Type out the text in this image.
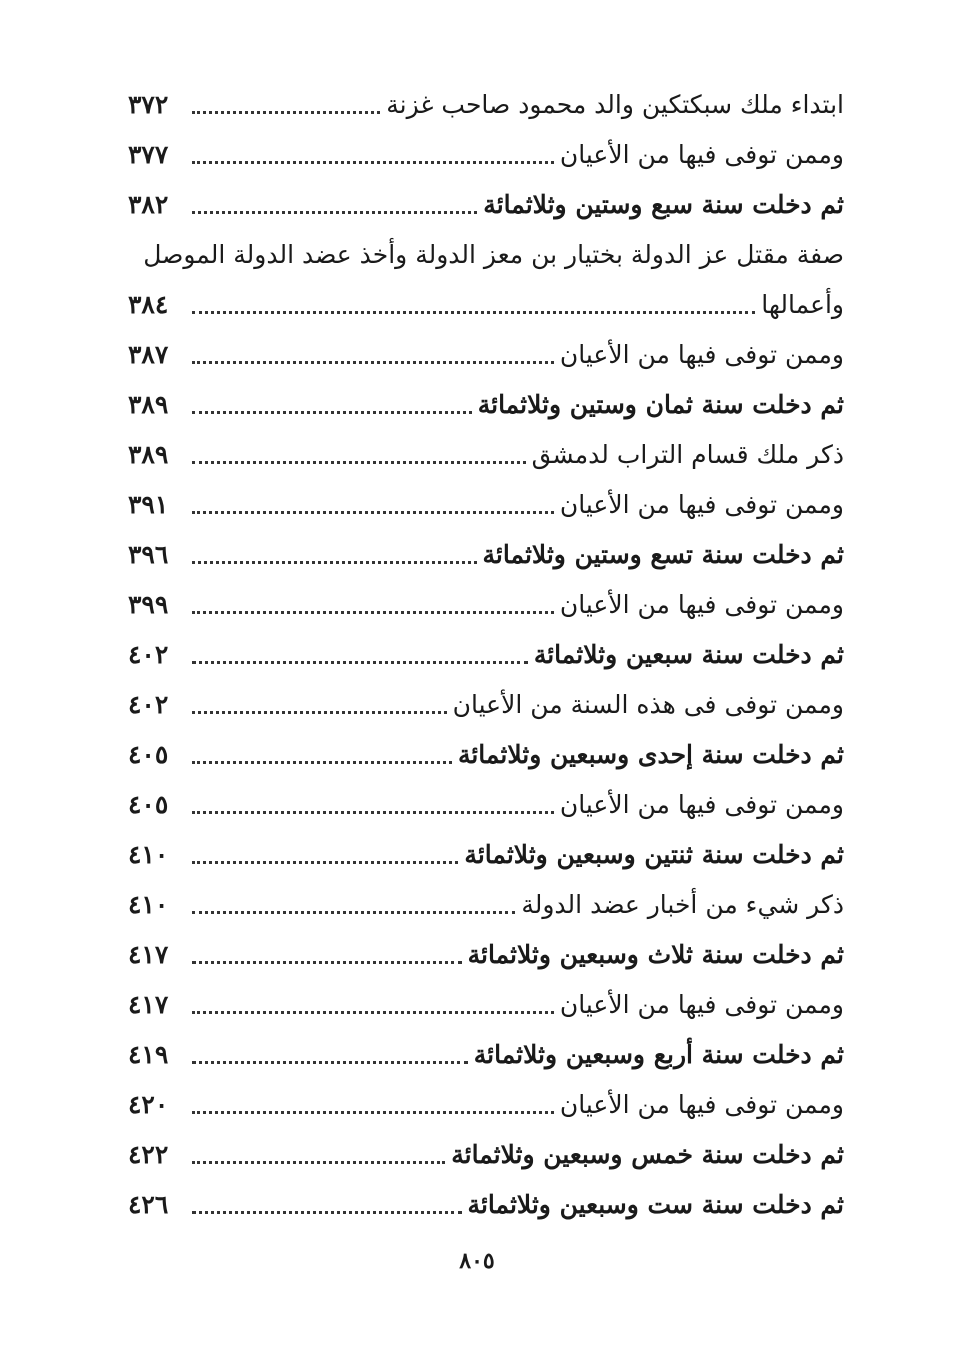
ابتداء ملك سبكتكين والد محمود صاحب غزنة
٣٧٢
وممن توفى فيها من الأعيان
٣٧٧
ثم دخلت سنة سبع وستين وثلاثمائة
٣٨٢
صفة مقتل عز الدولة بختيار بن معز الدولة وأخذ عضد الدولة الموصل
وأعمالها
٣٨٤
وممن توفى فيها من الأعيان
٣٨٧
ثم دخلت سنة ثمان وستين وثلاثمائة
٣٨٩
ذكر ملك قسام التراب لدمشق
٣٨٩
وممن توفى فيها من الأعيان
٣٩١
ثم دخلت سنة تسع وستين وثلاثمائة
٣٩٦
وممن توفى فيها من الأعيان
٣٩٩
ثم دخلت سنة سبعين وثلاثمائة
٤٠٢
وممن توفى فى هذه السنة من الأعيان
٤٠٢
ثم دخلت سنة إحدى وسبعين وثلاثمائة
٤٠٥
وممن توفى فيها من الأعيان
٤٠٥
ثم دخلت سنة ثنتين وسبعين وثلاثمائة
٤١٠
ذكر شيء من أخبار عضد الدولة
٤١٠
ثم دخلت سنة ثلاث وسبعين وثلاثمائة
٤١٧
وممن توفى فيها من الأعيان
٤١٧
ثم دخلت سنة أربع وسبعين وثلاثمائة
٤١٩
وممن توفى فيها من الأعيان
٤٢٠
ثم دخلت سنة خمس وسبعين وثلاثمائة
٤٢٢
ثم دخلت سنة ست وسبعين وثلاثمائة
٤٢٦
٨٠٥
